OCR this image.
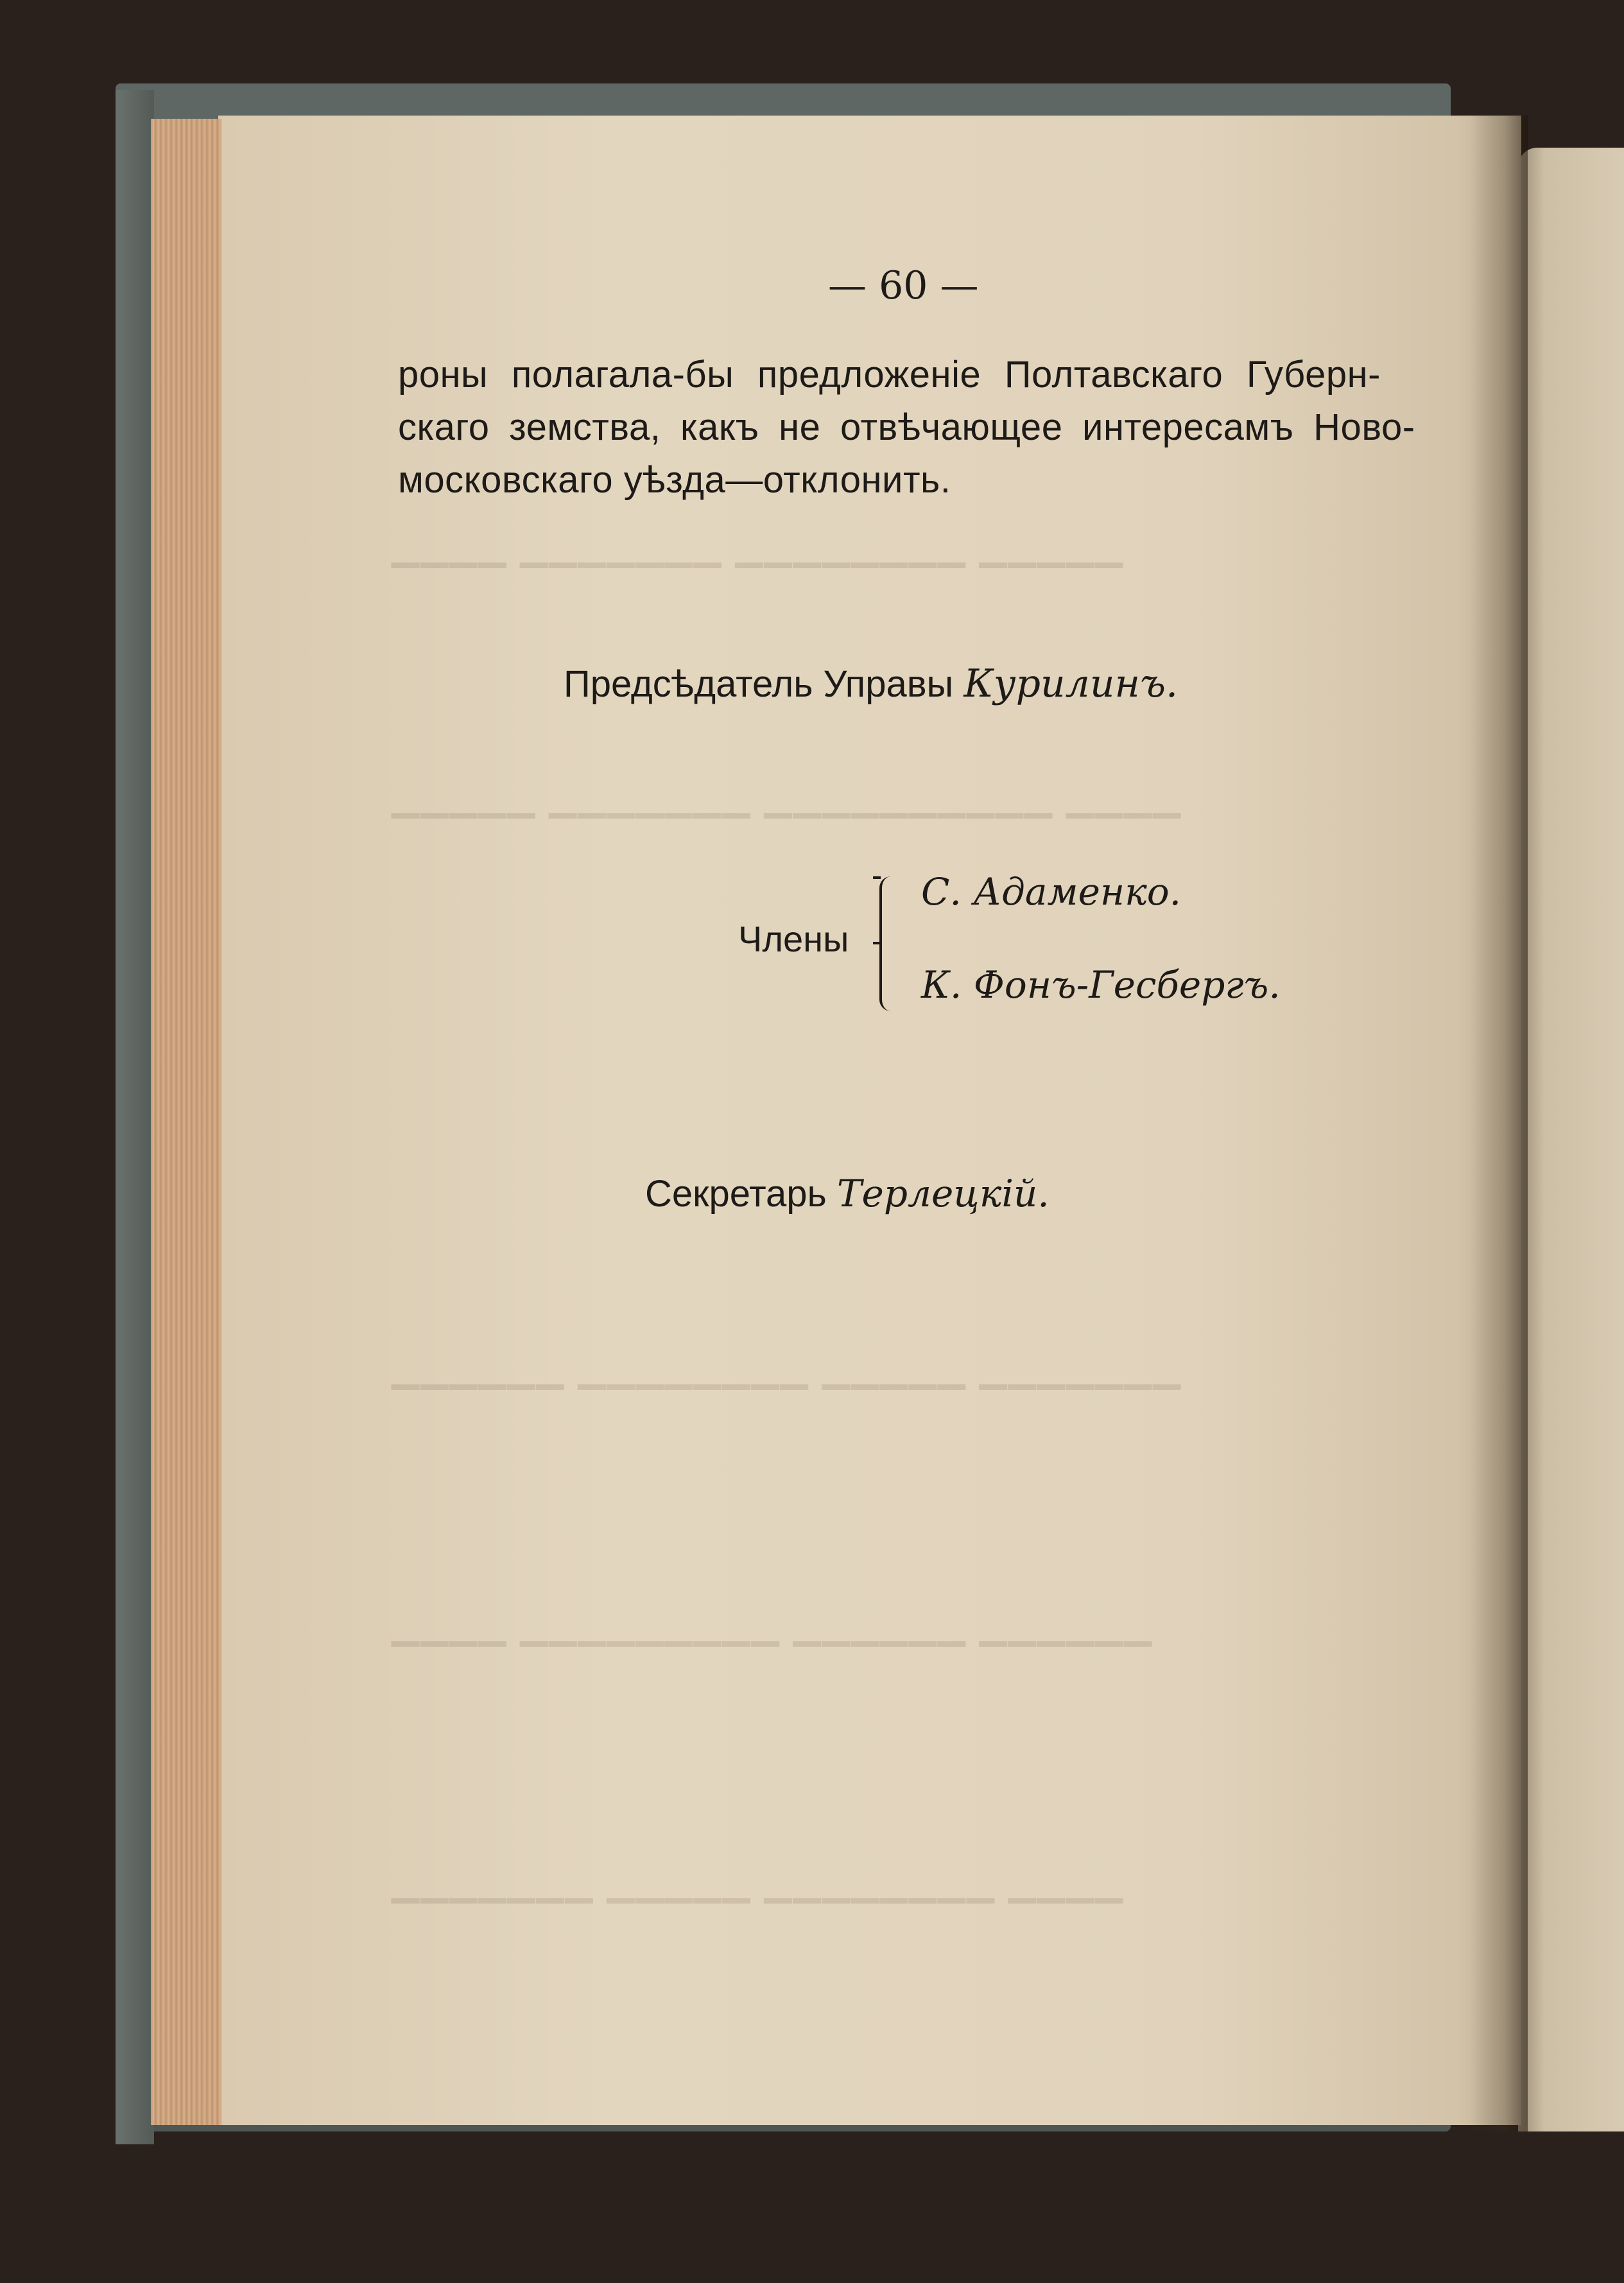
▁▁▁▁ ▁▁▁▁▁▁▁ ▁▁▁▁▁▁▁▁ ▁▁▁▁▁
▁▁▁▁▁ ▁▁▁▁▁▁▁ ▁▁▁▁▁▁▁▁▁▁ ▁▁▁▁
▁▁▁▁▁▁ ▁▁▁▁▁▁▁▁ ▁▁▁▁▁ ▁▁▁▁▁▁▁
▁▁▁▁ ▁▁▁▁▁▁▁▁▁ ▁▁▁▁▁▁ ▁▁▁▁▁▁
▁▁▁▁▁▁▁ ▁▁▁▁▁ ▁▁▁▁▁▁▁▁ ▁▁▁▁
— 60 —
роны полагала-бы предложеніе Полтавскаго Губерн-
скаго земства, какъ не отвѣчающее интересамъ Ново-
московскаго уѣзда—отклонить.
Предсѣдатель Управы Курилинъ.
Члены
С. Адаменко.
К. Фонъ-Гесбергъ.
Секретарь Терлецкій.
